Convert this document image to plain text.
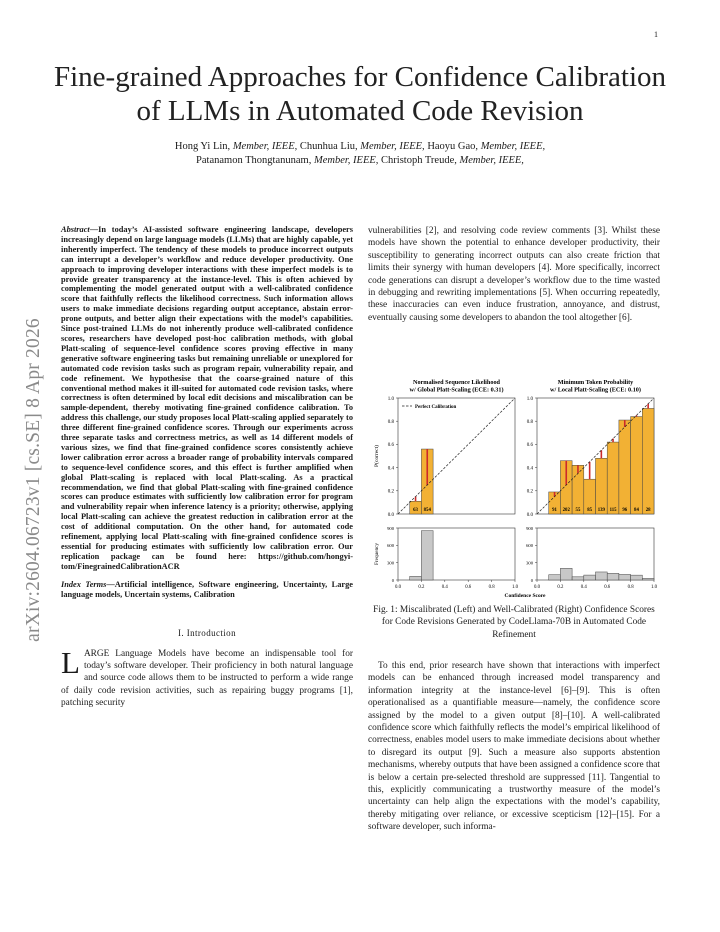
1
arXiv:2604.06723v1 [cs.SE] 8 Apr 2026
Fine-grained Approaches for Confidence Calibration of LLMs in Automated Code Revision
Hong Yi Lin, Member, IEEE, Chunhua Liu, Member, IEEE, Haoyu Gao, Member, IEEE,
Patanamon Thongtanunam, Member, IEEE, Christoph Treude, Member, IEEE,

Abstract—In today’s AI-assisted software engineering landscape, developers increasingly depend on large language models (LLMs) that are highly capable, yet inherently imperfect. The tendency of these models to produce incorrect outputs can interrupt a developer’s workflow and reduce developer productivity. One approach to improving developer interactions with these imperfect models is to provide greater transparency at the instance-level. This is often achieved by complementing the model generated output with a well-calibrated confidence score that faithfully reflects the likelihood correctness. Such information allows users to make immediate decisions regarding output acceptance, abstain error-prone outputs, and better align their expectations with the model’s capabilities. Since post-trained LLMs do not inherently produce well-calibrated confidence scores, researchers have developed post-hoc calibration methods, with global Platt-scaling of sequence-level confidence scores proving effective in many generative software engineering tasks but remaining unreliable or unexplored for automated code revision tasks such as program repair, vulnerability repair, and code refinement. We hypothesise that the coarse-grained nature of this conventional method makes it ill-suited for automated code revision tasks, where correctness is often determined by local edit decisions and miscalibration can be sample-dependent, thereby motivating fine-grained confidence calibration. To address this challenge, our study proposes local Platt-scaling applied separately to three different fine-grained confidence scores. Through our experiments across three separate tasks and correctness metrics, as well as 14 different models of various sizes, we find that fine-grained confidence scores consistently achieve lower calibration error across a broader range of probability intervals compared to sequence-level confidence scores, and this effect is further amplified when global Platt-scaling is replaced with local Platt-scaling. As a practical recommendation, we find that global Platt-scaling with fine-grained confidence scores can produce estimates with sufficiently low calibration error for program and vulnerability repair when inference latency is a priority; otherwise, applying local Platt-scaling can achieve the greatest reduction in calibration error at the cost of additional computation. On the other hand, for automated code refinement, applying local Platt-scaling with fine-grained confidence scores is essential for producing estimates with sufficiently low calibration error. Our replication package can be found here: https://github.com/hongyi-tom/FinegrainedCalibrationACR

Index Terms—Artificial intelligence, Software engineering, Uncertainty, Large language models, Uncertain systems, Calibration

I. Introduction

LARGE Language Models have become an indispensable tool for today’s software developer. Their proficiency in both natural language and source code allows them to be instructed to perform a wide range of daily code revision activities, such as repairing buggy programs [1], patching security

vulnerabilities [2], and resolving code review comments [3]. Whilst these models have shown the potential to enhance developer productivity, their susceptibility to generating incorrect outputs can also create friction that limits their synergy with human developers [4]. More specifically, incorrect code generations can disrupt a developer’s workflow due to the time wasted in debugging and rewriting implementations [5]. When occurring repeatedly, these inaccuracies can even induce frustration, annoyance, and distrust, eventually causing some developers to abandon the tool altogether [6].

Normalised Sequence Likelihood
w/ Global Platt-Scaling (ECE: 0.31)
63 854
0.0
0.2
0.4
0.6
0.8
1.0
P(correct)
Perfect Calibration
0
300
600
900
Frequency
0.0	0.2	0.4	0.6	0.8	1.0
Minimum Token Probability
w/ Local Platt-Scaling (ECE: 0.10)
91 202 55 85 139 115 96 84 28
0.0
0.2
0.4
0.6
0.8
1.0
0
300
600
900
0.0	0.2	0.4	0.6	0.8	1.0
Confidence Score
Fig. 1: Miscalibrated (Left) and Well-Calibrated (Right) Confidence Scores for Code Revisions Generated by CodeLlama-70B in Automated Code Refinement

To this end, prior research have shown that interactions with imperfect models can be enhanced through increased model transparency and information integrity at the instance-level [6]–[9]. This is often operationalised as a quantifiable measure—namely, the confidence score assigned by the model to a given output [8]–[10]. A well-calibrated confidence score which faithfully reflects the model’s empirical likelihood of correctness, enables model users to make immediate decisions about whether to disregard its output [9]. Such a measure also supports abstention mechanisms, whereby outputs that have been assigned a confidence score that is below a certain pre-selected threshold are suppressed [11]. Tangential to this, explicitly communicating a trustworthy measure of the model’s uncertainty can help align the expectations with the model’s capability, thereby mitigating over reliance, or excessive scepticism [12]–[15]. For a software developer, such informa-
